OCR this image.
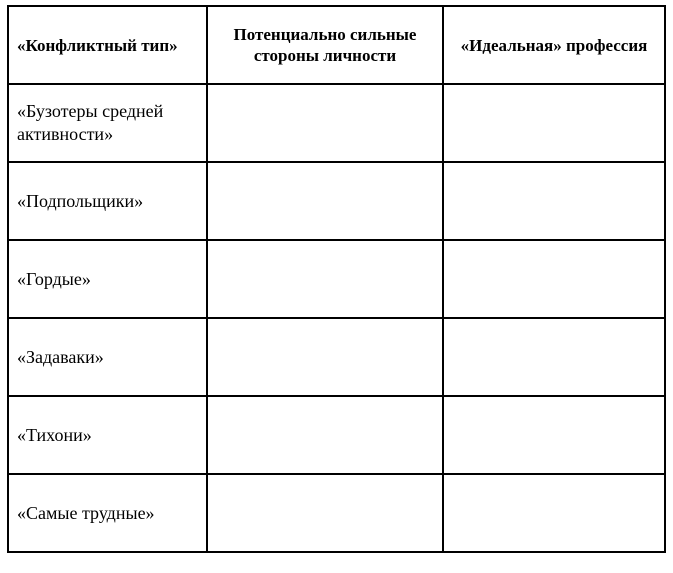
«Конфликтный тип»	Потенциально сильные стороны личности	«Идеальная» профессия
«Бузотеры средней активности»		
«Подпольщики»		
«Гордые»		
«Задаваки»		
«Тихони»		
«Самые трудные»		
